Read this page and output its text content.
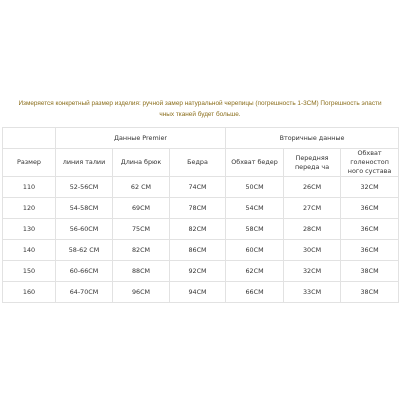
Измеряется конкретный размер изделия: ручной замер натуральной черепицы (погрешность 1-3СМ) Погрешность эласти
чных тканей будет больше.
	Данные Premier			Вторичные данные		
Размер	линия талии	Длина брюк	Бедра	Обхват бедер	Передняя переда ча	Обхват голеностоп ного сустава
110	52-56СМ	62 СМ	74СМ	50СМ	26СМ	32СМ
120	54-58СМ	69СМ	78СМ	54СМ	27СМ	36СМ
130	56-60СМ	75СМ	82СМ	58СМ	28СМ	36СМ
140	58-62 СМ	82СМ	86СМ	60СМ	30СМ	36СМ
150	60-66СМ	88СМ	92СМ	62СМ	32СМ	38СМ
160	64-70СМ	96СМ	94СМ	66СМ	33СМ	38СМ
